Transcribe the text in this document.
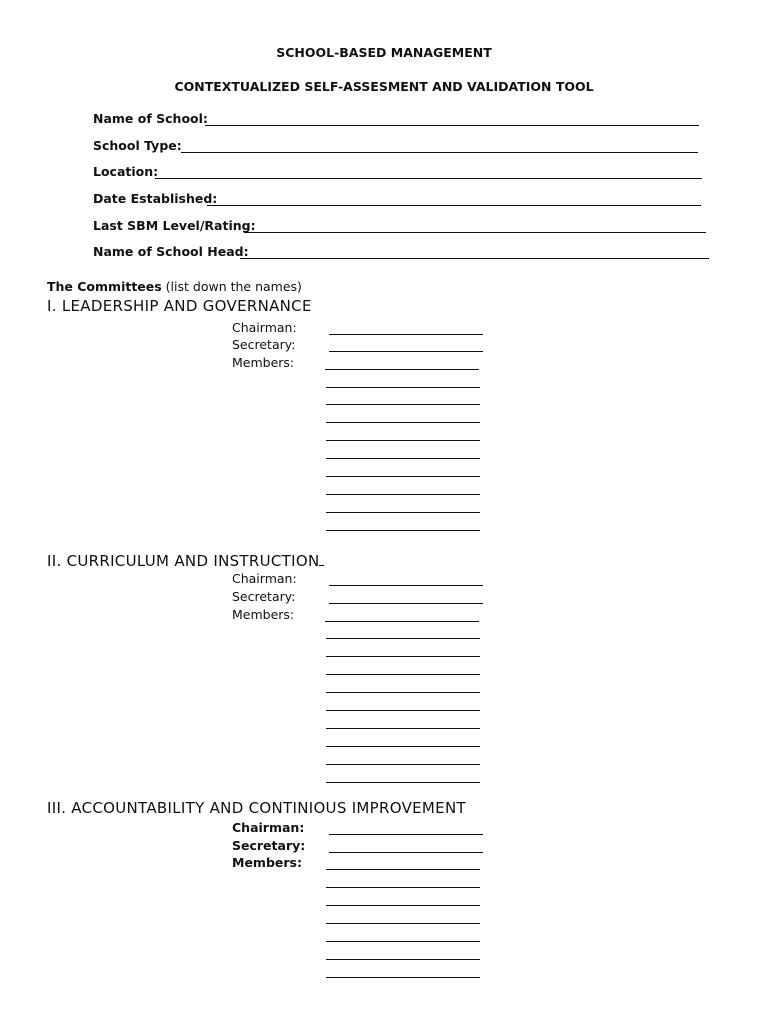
SCHOOL-BASED MANAGEMENT
CONTEXTUALIZED SELF-ASSESMENT AND VALIDATION TOOL
Name of School:
School Type:
Location:
Date Established:
Last SBM Level/Rating:
Name of School Head:
The Committees (list down the names)
I. LEADERSHIP AND GOVERNANCE
Chairman:
Secretary:
Members:
II. CURRICULUM AND INSTRUCTION
Chairman:
Secretary:
Members:
III. ACCOUNTABILITY AND CONTINIOUS IMPROVEMENT
Chairman:
Secretary:
Members:
